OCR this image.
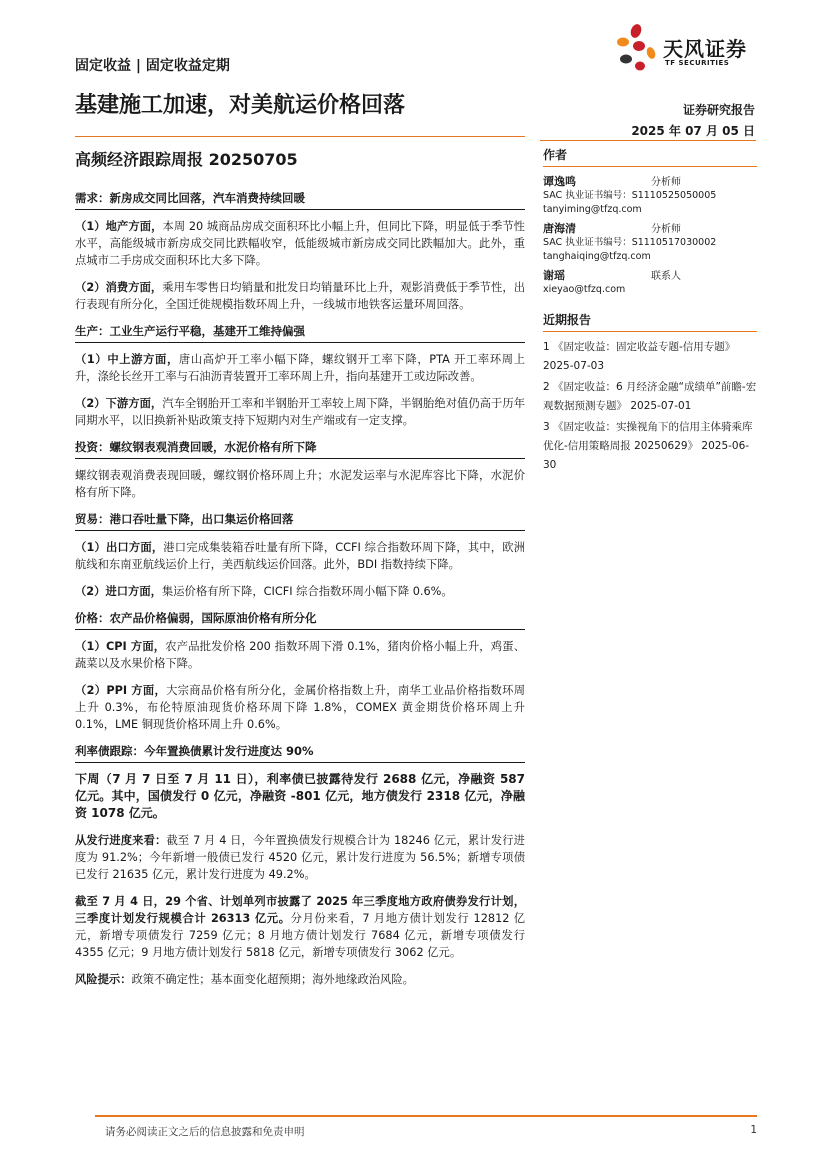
固定收益 | 固定收益定期
天风证券
TF SECURITIES
基建施工加速，对美航运价格回落	证券研究报告
2025 年 07 月 05 日
高频经济跟踪周报 20250705
需求：新房成交同比回落，汽车消费持续回暖

（1）地产方面，本周 20 城商品房成交面积环比小幅上升，但同比下降，明显低于季节性水平，高能级城市新房成交同比跌幅收窄，低能级城市新房成交同比跌幅加大。此外，重点城市二手房成交面积环比大多下降。

（2）消费方面，乘用车零售日均销量和批发日均销量环比上升，观影消费低于季节性，出行表现有所分化，全国迁徙规模指数环周上升，一线城市地铁客运量环周回落。

生产：工业生产运行平稳，基建开工维持偏强

（1）中上游方面，唐山高炉开工率小幅下降，螺纹钢开工率下降，PTA 开工率环周上升，涤纶长丝开工率与石油沥青装置开工率环周上升，指向基建开工或边际改善。

（2）下游方面，汽车全钢胎开工率和半钢胎开工率较上周下降，半钢胎绝对值仍高于历年同期水平，以旧换新补贴政策支持下短期内对生产端或有一定支撑。

投资：螺纹钢表观消费回暖，水泥价格有所下降

螺纹钢表观消费表现回暖，螺纹钢价格环周上升；水泥发运率与水泥库容比下降，水泥价格有所下降。

贸易：港口吞吐量下降，出口集运价格回落

（1）出口方面，港口完成集装箱吞吐量有所下降，CCFI 综合指数环周下降，其中，欧洲航线和东南亚航线运价上行，美西航线运价回落。此外，BDI 指数持续下降。

（2）进口方面，集运价格有所下降，CICFI 综合指数环周小幅下降 0.6%。

价格：农产品价格偏弱，国际原油价格有所分化

（1）CPI 方面，农产品批发价格 200 指数环周下滑 0.1%，猪肉价格小幅上升，鸡蛋、蔬菜以及水果价格下降。

（2）PPI 方面，大宗商品价格有所分化，金属价格指数上升，南华工业品价格指数环周上升 0.3%，布伦特原油现货价格环周下降 1.8%，COMEX 黄金期货价格环周上升 0.1%，LME 铜现货价格环周上升 0.6%。

利率债跟踪：今年置换债累计发行进度达 90%

下周（7 月 7 日至 7 月 11 日），利率债已披露待发行 2688 亿元，净融资 587 亿元。其中，国债发行 0 亿元，净融资 -801 亿元，地方债发行 2318 亿元，净融资 1078 亿元。

从发行进度来看：截至 7 月 4 日，今年置换债发行规模合计为 18246 亿元，累计发行进度为 91.2%；今年新增一般债已发行 4520 亿元，累计发行进度为 56.5%；新增专项债已发行 21635 亿元，累计发行进度为 49.2%。

截至 7 月 4 日，29 个省、计划单列市披露了 2025 年三季度地方政府债券发行计划，三季度计划发行规模合计 26313 亿元。分月份来看，7 月地方债计划发行 12812 亿元，新增专项债发行 7259 亿元；8 月地方债计划发行 7684 亿元，新增专项债发行 4355 亿元；9 月地方债计划发行 5818 亿元，新增专项债发行 3062 亿元。

风险提示：政策不确定性；基本面变化超预期；海外地缘政治风险。

作者
谭逸鸣	分析师
SAC 执业证书编号：S1110525050005
tanyiming@tfzq.com
唐海清	分析师
SAC 执业证书编号：S1110517030002
tanghaiqing@tfzq.com
谢瑶	联系人
xieyao@tfzq.com
近期报告
1 《固定收益：固定收益专题-信用专题》 2025-07-03
2 《固定收益：6 月经济金融“成绩单”前瞻-宏观数据预测专题》 2025-07-01
3 《固定收益：实操视角下的信用主体骑乘库优化-信用策略周报 20250629》 2025-06-30
请务必阅读正文之后的信息披露和免责申明	1
